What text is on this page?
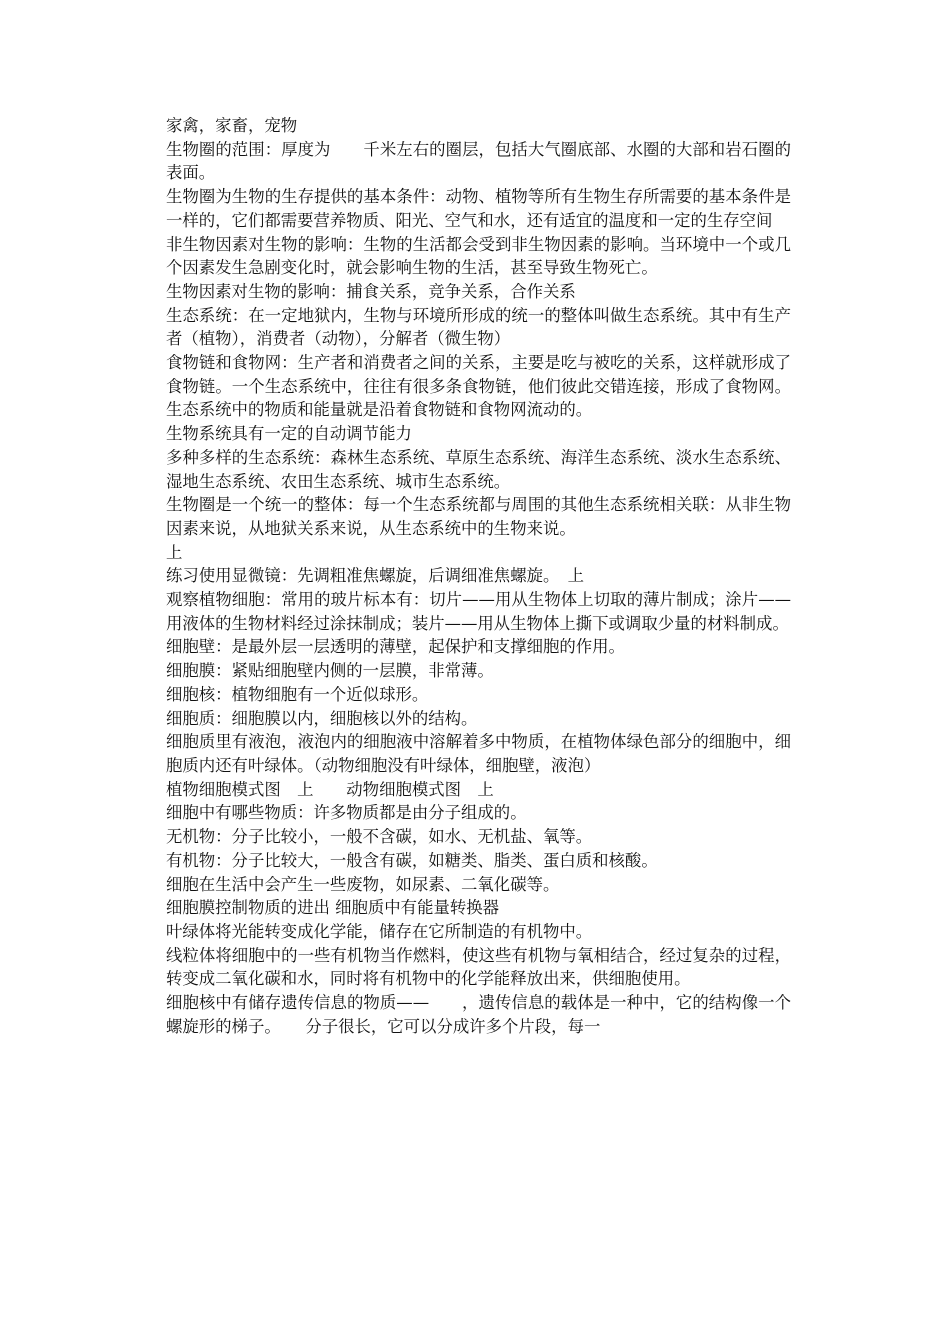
家禽，家畜，宠物

生物圈的范围：厚度为　　千米左右的圈层，包括大气圈底部、水圈的大部和岩石圈的表面。

生物圈为生物的生存提供的基本条件：动物、植物等所有生物生存所需要的基本条件是一样的，它们都需要营养物质、阳光、空气和水，还有适宜的温度和一定的生存空间

非生物因素对生物的影响：生物的生活都会受到非生物因素的影响。当环境中一个或几个因素发生急剧变化时，就会影响生物的生活，甚至导致生物死亡。

生物因素对生物的影响：捕食关系，竞争关系，合作关系

生态系统：在一定地狱内，生物与环境所形成的统一的整体叫做生态系统。其中有生产者（植物），消费者（动物），分解者（微生物）

食物链和食物网：生产者和消费者之间的关系，主要是吃与被吃的关系，这样就形成了食物链。一个生态系统中，往往有很多条食物链，他们彼此交错连接，形成了食物网。生态系统中的物质和能量就是沿着食物链和食物网流动的。

生物系统具有一定的自动调节能力

多种多样的生态系统：森林生态系统、草原生态系统、海洋生态系统、淡水生态系统、湿地生态系统、农田生态系统、城市生态系统。

生物圈是一个统一的整体：每一个生态系统都与周围的其他生态系统相关联：从非生物因素来说，从地狱关系来说，从生态系统中的生物来说。

上

练习使用显微镜：先调粗准焦螺旋，后调细准焦螺旋。　上

观察植物细胞：常用的玻片标本有：切片——用从生物体上切取的薄片制成；涂片——用液体的生物材料经过涂抹制成；装片——用从生物体上撕下或调取少量的材料制成。

细胞壁：是最外层一层透明的薄壁，起保护和支撑细胞的作用。

细胞膜：紧贴细胞壁内侧的一层膜，非常薄。

细胞核：植物细胞有一个近似球形。

细胞质：细胞膜以内，细胞核以外的结构。

细胞质里有液泡，液泡内的细胞液中溶解着多中物质，在植物体绿色部分的细胞中，细胞质内还有叶绿体。（动物细胞没有叶绿体，细胞壁，液泡）

植物细胞模式图　上　　动物细胞模式图　上

细胞中有哪些物质：许多物质都是由分子组成的。

无机物：分子比较小，一般不含碳，如水、无机盐、氧等。

有机物：分子比较大，一般含有碳，如糖类、脂类、蛋白质和核酸。

细胞在生活中会产生一些废物，如尿素、二氧化碳等。

细胞膜控制物质的进出 细胞质中有能量转换器

叶绿体将光能转变成化学能，储存在它所制造的有机物中。

线粒体将细胞中的一些有机物当作燃料，使这些有机物与氧相结合，经过复杂的过程，转变成二氧化碳和水，同时将有机物中的化学能释放出来，供细胞使用。

细胞核中有储存遗传信息的物质——　　，遗传信息的载体是一种中，它的结构像一个螺旋形的梯子。　　分子很长，它可以分成许多个片段，每一
